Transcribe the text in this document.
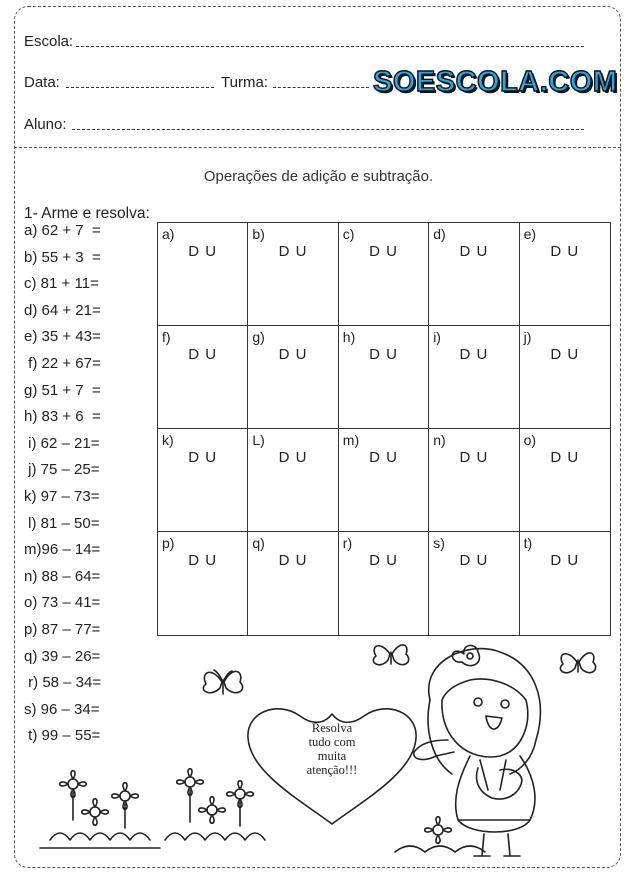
Escola:
Data:	Turma:	SOESCOLA.COM
Aluno:
Operações de adição e subtração.
1- Arme e resolva:
a) 62 + 7  =
b) 55 + 3  =
c) 81 + 11=
d) 64 + 21=
e) 35 + 43=
f) 22 + 67=
g) 51 + 7  =
h) 83 + 6  =
i) 62 – 21=
j) 75 – 25=
k) 97 – 73=
l) 81 – 50=
m)96 – 14=
n) 88 – 64=
o) 73 – 41=
p) 87 – 77=
q) 39 – 26=
r) 58 – 34=
s) 96 – 34=
t) 99 – 55=
a)
D U
b)
D U
c)
D U
d)
D U
e)
D U
f)
D U
g)
D U
h)
D U
i)
D U
j)
D U
k)
D U
L)
D U
m)
D U
n)
D U
o)
D U
p)
D U
q)
D U
r)
D U
s)
D U
t)
D U
Resolva
tudo com
muita
atenção!!!
